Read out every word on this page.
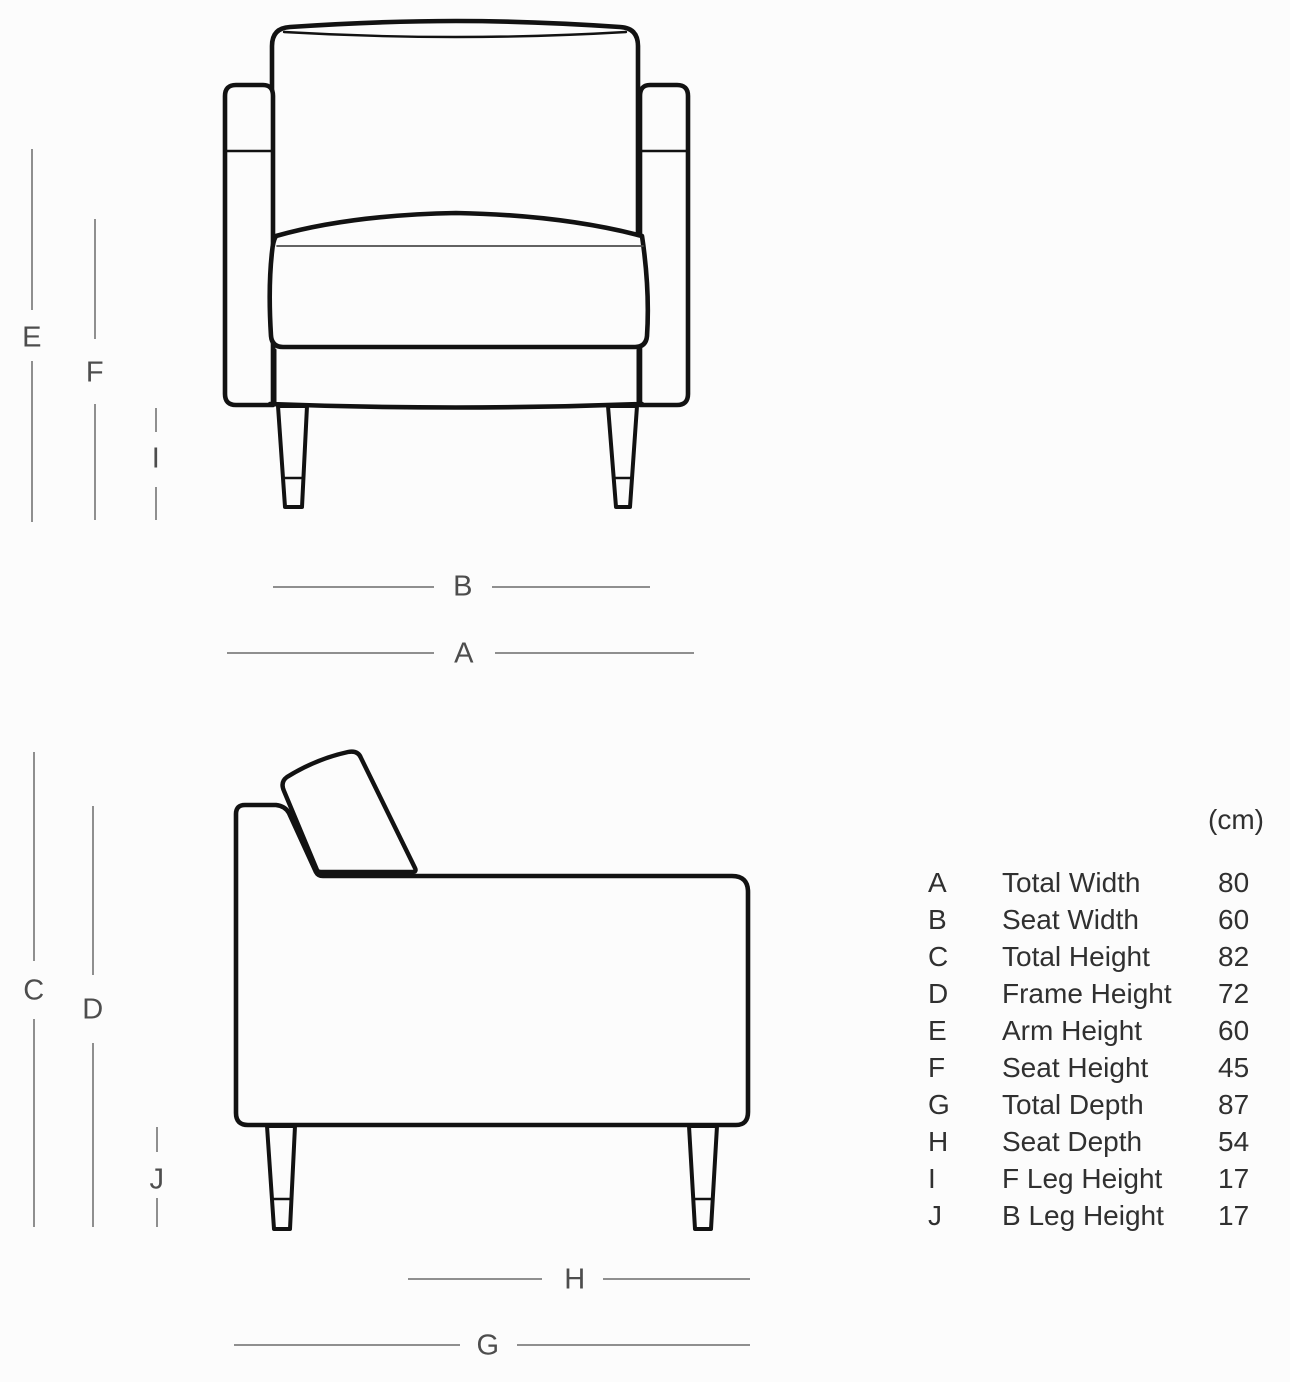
E
F
I
B
A
C
D
J
H
G
(cm)
A	Total Width	80
B	Seat Width	60
C	Total Height	82
D	Frame Height	72
E	Arm Height	60
F	Seat Height	45
G	Total Depth	87
H	Seat Depth	54
I	F Leg Height	17
J	B Leg Height	17
